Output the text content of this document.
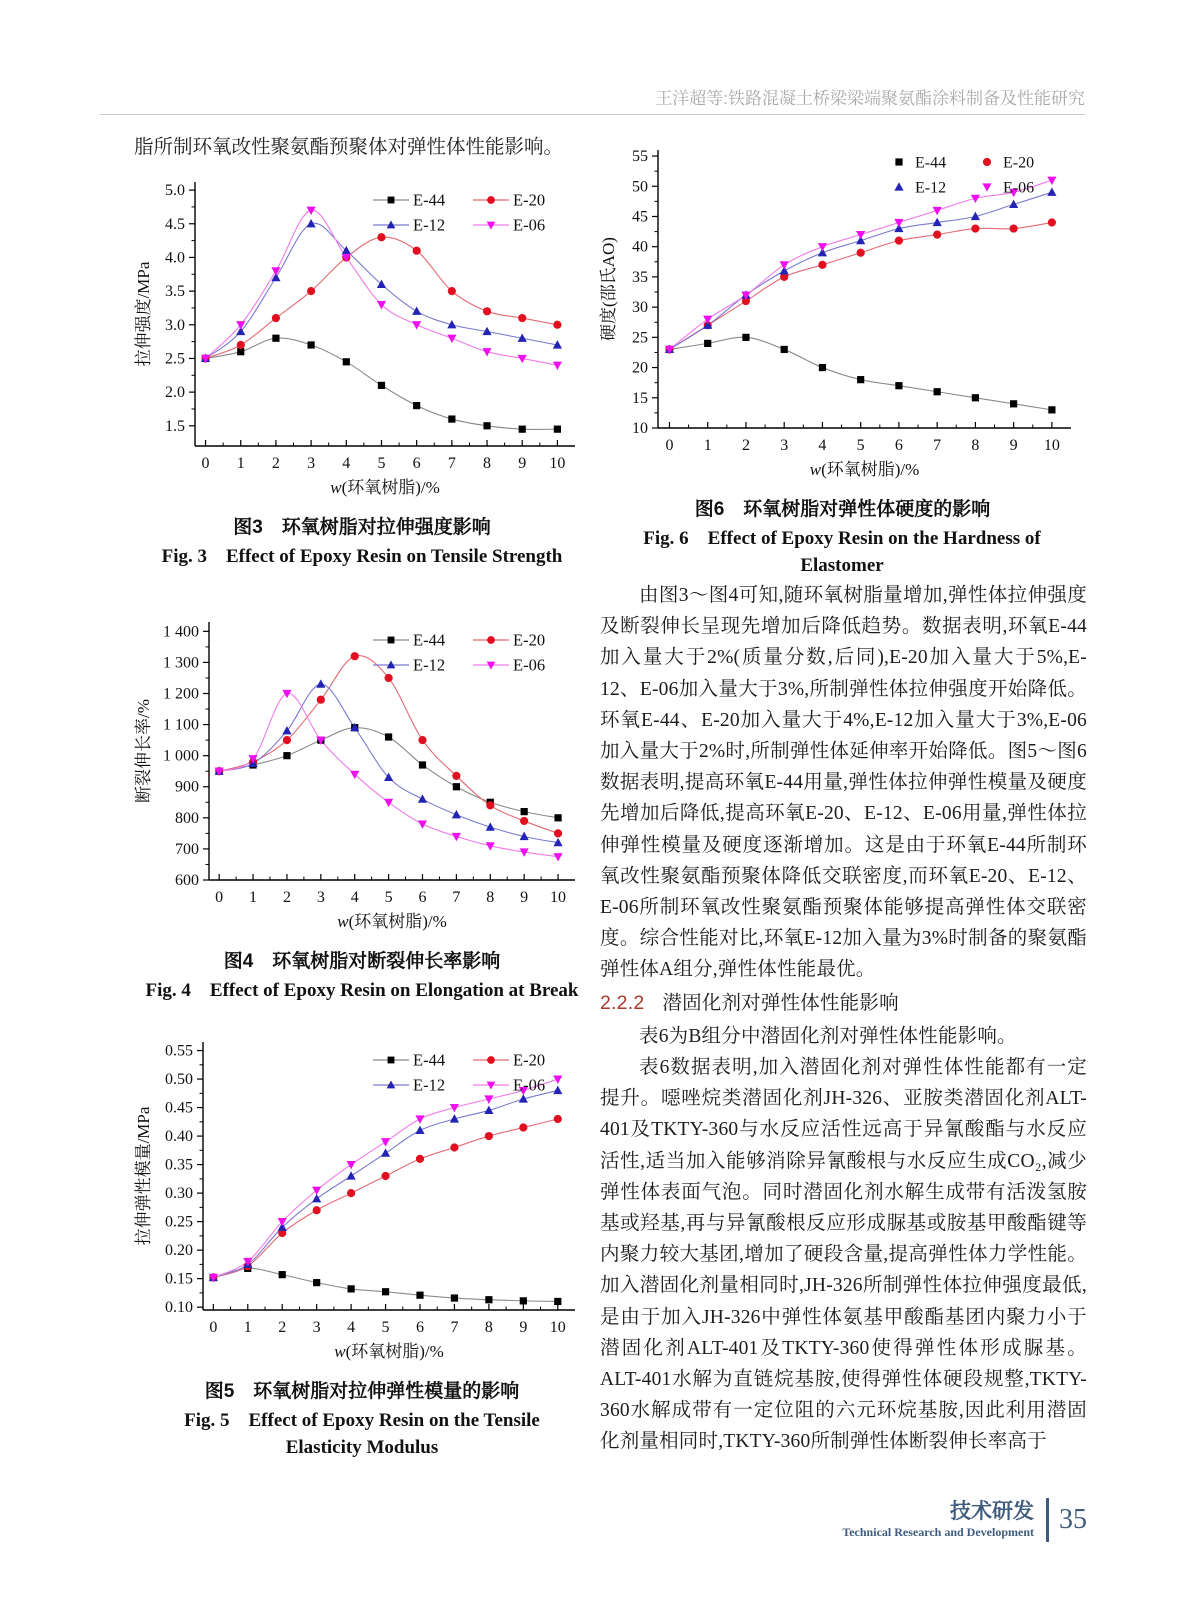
王洋超等:铁路混凝土桥梁梁端聚氨酯涂料制备及性能研究
脂所制环氧改性聚氨酯预聚体对弹性体性能影响。
0 1 2 3 4 5 6 7 8 9 10
1.5
2.0
2.5
3.0
3.5
4.0
4.5
5.0
w(环氧树脂)/%
拉伸强度/MPa
E-44	E-20
E-12	E-06
图3　环氧树脂对拉伸强度影响
Fig. 3　Effect of Epoxy Resin on Tensile Strength
0 1 2 3 4 5 6 7 8 9 10
600
700
800
900
1 000
1 100
1 200
1 300
1 400
w(环氧树脂)/%
断裂伸长率/%
E-44	E-20
E-12	E-06
图4　环氧树脂对断裂伸长率影响
Fig. 4　Effect of Epoxy Resin on Elongation at Break
0 1 2 3 4 5 6 7 8 9 10
0.10
0.15
0.20
0.25
0.30
0.35
0.40
0.45
0.50
0.55
w(环氧树脂)/%
拉伸弹性模量/MPa
E-44	E-20
E-12	E-06
图5　环氧树脂对拉伸弹性模量的影响
Fig. 5　Effect of Epoxy Resin on the Tensile Elasticity Modulus
0 1 2 3 4 5 6 7 8 9 10
10
15
20
25
30
35
40
45
50
55
w(环氧树脂)/%
硬度(邵氏AO)
E-44	E-20
E-12	E-06
图6　环氧树脂对弹性体硬度的影响
Fig. 6　Effect of Epoxy Resin on the Hardness of Elastomer

由图3～图4可知,随环氧树脂量增加,弹性体拉伸强度及断裂伸长呈现先增加后降低趋势。数据表明,环氧E-44加入量大于2%(质量分数,后同),E-20加入量大于5%,E-12、E-06加入量大于3%,所制弹性体拉伸强度开始降低。环氧E-44、E-20加入量大于4%,E-12加入量大于3%,E-06加入量大于2%时,所制弹性体延伸率开始降低。图5～图6数据表明,提高环氧E-44用量,弹性体拉伸弹性模量及硬度先增加后降低,提高环氧E-20、E-12、E-06用量,弹性体拉伸弹性模量及硬度逐渐增加。这是由于环氧E-44所制环氧改性聚氨酯预聚体降低交联密度,而环氧E-20、E-12、E-06所制环氧改性聚氨酯预聚体能够提高弹性体交联密度。综合性能对比,环氧E-12加入量为3%时制备的聚氨酯弹性体A组分,弹性体性能最优。

2.2.2 潜固化剂对弹性体性能影响

表6为B组分中潜固化剂对弹性体性能影响。

表6数据表明,加入潜固化剂对弹性体性能都有一定提升。噁唑烷类潜固化剂JH-326、亚胺类潜固化剂ALT-401及TKTY-360与水反应活性远高于异氰酸酯与水反应活性,适当加入能够消除异氰酸根与水反应生成CO₂,减少弹性体表面气泡。同时潜固化剂水解生成带有活泼氢胺基或羟基,再与异氰酸根反应形成脲基或胺基甲酸酯键等内聚力较大基团,增加了硬段含量,提高弹性体力学性能。加入潜固化剂量相同时,JH-326所制弹性体拉伸强度最低,是由于加入JH-326中弹性体氨基甲酸酯基团内聚力小于潜固化剂ALT-401及TKTY-360使得弹性体形成脲基。ALT-401水解为直链烷基胺,使得弹性体硬段规整,TKTY-360水解成带有一定位阻的六元环烷基胺,因此利用潜固化剂量相同时,TKTY-360所制弹性体断裂伸长率高于

技术研发
Technical Research and Development 35
